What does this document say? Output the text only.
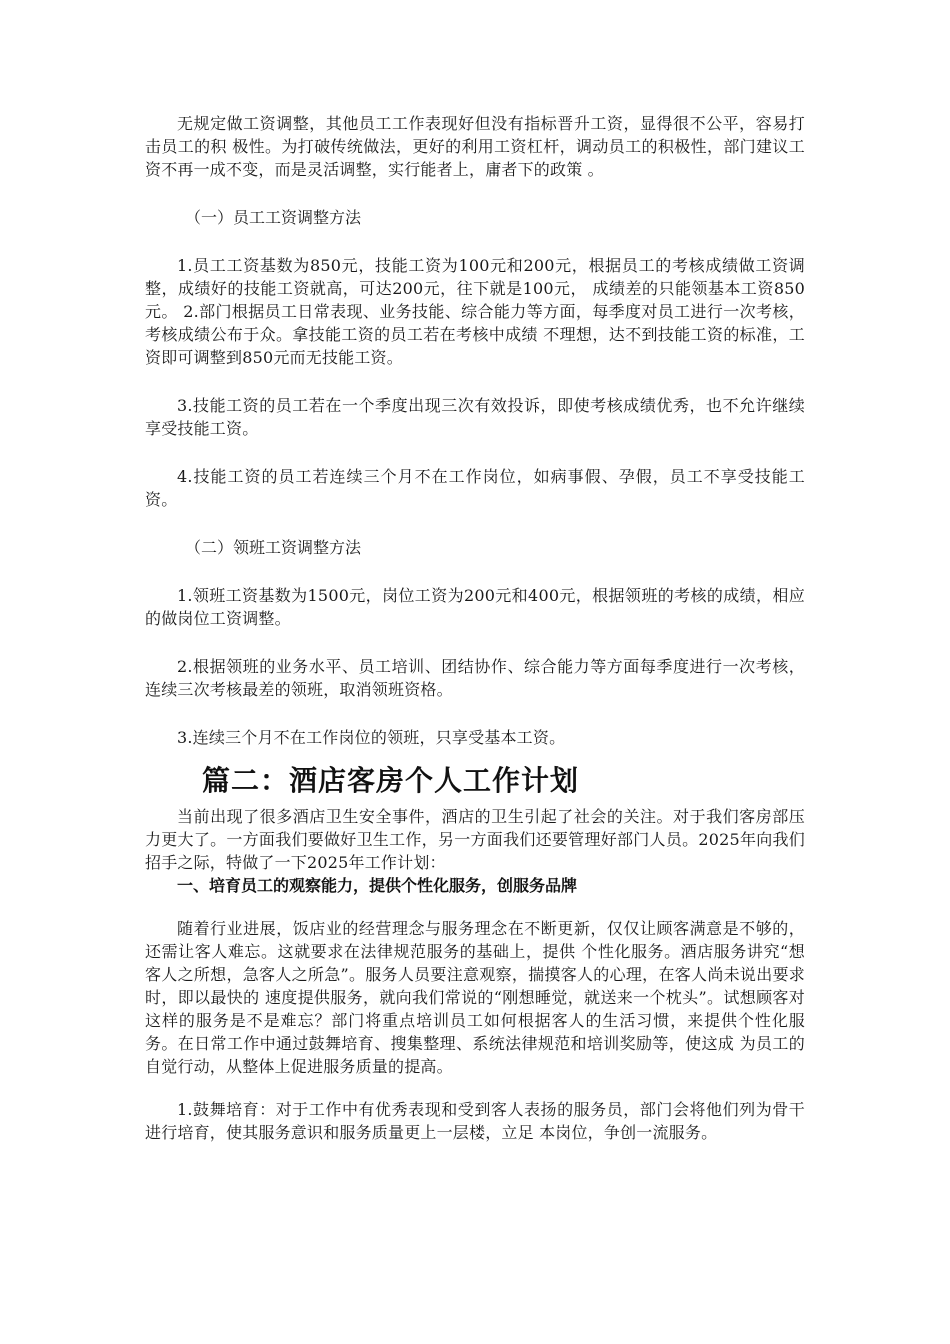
无规定做工资调整，其他员工工作表现好但没有指标晋升工资，显得很不公平，容易打击员工的积 极性。为打破传统做法，更好的利用工资杠杆，调动员工的积极性，部门建议工资不再一成不变，而是灵活调整，实行能者上，庸者下的政策 。

（一）员工工资调整方法

1.员工工资基数为850元，技能工资为100元和200元，根据员工的考核成绩做工资调整，成绩好的技能工资就高，可达200元，往下就是100元， 成绩差的只能领基本工资850元。 2.部门根据员工日常表现、业务技能、综合能力等方面，每季度对员工进行一次考核，考核成绩公布于众。拿技能工资的员工若在考核中成绩 不理想，达不到技能工资的标准，工资即可调整到850元而无技能工资。

3.技能工资的员工若在一个季度出现三次有效投诉，即使考核成绩优秀，也不允许继续享受技能工资。

4.技能工资的员工若连续三个月不在工作岗位，如病事假、孕假，员工不享受技能工资。

（二）领班工资调整方法

1.领班工资基数为1500元，岗位工资为200元和400元，根据领班的考核的成绩，相应的做岗位工资调整。

2.根据领班的业务水平、员工培训、团结协作、综合能力等方面每季度进行一次考核，连续三次考核最差的领班，取消领班资格。

3.连续三个月不在工作岗位的领班，只享受基本工资。

篇二：酒店客房个人工作计划

当前出现了很多酒店卫生安全事件，酒店的卫生引起了社会的关注。对于我们客房部压力更大了。一方面我们要做好卫生工作，另一方面我们还要管理好部门人员。2025年向我们招手之际，特做了一下2025年工作计划：

一、培育员工的观察能力，提供个性化服务，创服务品牌

随着行业进展，饭店业的经营理念与服务理念在不断更新，仅仅让顾客满意是不够的，还需让客人难忘。这就要求在法律规范服务的基础上，提供 个性化服务。酒店服务讲究“想客人之所想，急客人之所急”。服务人员要注意观察，揣摸客人的心理，在客人尚未说出要求时，即以最快的 速度提供服务，就向我们常说的“刚想睡觉，就送来一个枕头”。试想顾客对这样的服务是不是难忘？部门将重点培训员工如何根据客人的生活习惯，来提供个性化服务。在日常工作中通过鼓舞培育、搜集整理、系统法律规范和培训奖励等，使这成 为员工的自觉行动，从整体上促进服务质量的提高。

1.鼓舞培育：对于工作中有优秀表现和受到客人表扬的服务员，部门会将他们列为骨干进行培育，使其服务意识和服务质量更上一层楼，立足 本岗位，争创一流服务。
